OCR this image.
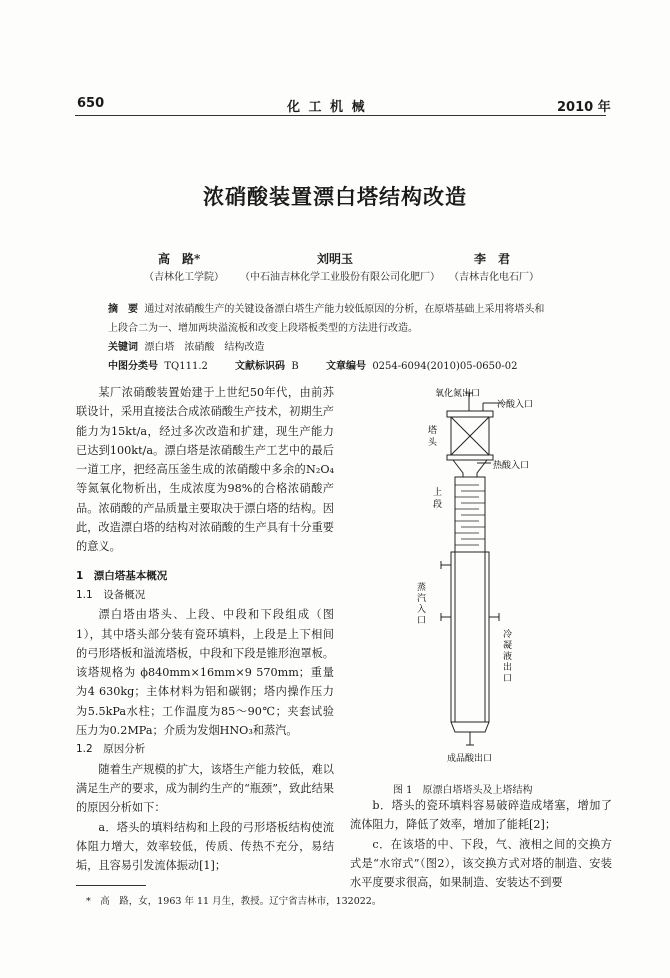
650	化 工 机 械	2010 年
浓硝酸装置漂白塔结构改造
高　路*	刘明玉	李　君
（吉林化工学院） （中石油吉林化学工业股份有限公司化肥厂） （吉林吉化电石厂）
摘　要 通过对浓硝酸生产的关键设备漂白塔生产能力较低原因的分析，在原塔基础上采用将塔头和
上段合二为一、增加两块溢流板和改变上段塔板类型的方法进行改造。
关键词 漂白塔　浓硝酸　结构改造
中图分类号 TQ111.2	文献标识码 B	文章编号 0254-6094(2010)05-0650-02
某厂浓硝酸装置始建于上世纪50年代，由前苏联设计，采用直接法合成浓硝酸生产技术，初期生产能力为15kt/a，经过多次改造和扩建，现生产能力已达到100kt/a。漂白塔是浓硝酸生产工艺中的最后一道工序，把经高压釜生成的浓硝酸中多余的N₂O₄等氮氧化物析出，生成浓度为98%的合格浓硝酸产品。浓硝酸的产品质量主要取决于漂白塔的结构。因此，改造漂白塔的结构对浓硝酸的生产具有十分重要的意义。
1　漂白塔基本概况
1.1　设备概况
漂白塔由塔头、上段、中段和下段组成（图1），其中塔头部分装有瓷环填料，上段是上下相间的弓形塔板和溢流塔板，中段和下段是锥形泡罩板。该塔规格为 ϕ840mm×16mm×9 570mm；重量为4 630kg；主体材料为铝和碳钢；塔内操作压力为5.5kPa水柱；工作温度为85～90℃；夹套试验压力为0.2MPa；介质为发烟HNO₃和蒸汽。
1.2　原因分析
随着生产规模的扩大，该塔生产能力较低，难以满足生产的要求，成为制约生产的“瓶颈”，致此结果的原因分析如下：
a．塔头的填料结构和上段的弓形塔板结构使流体阻力增大，效率较低，传质、传热不充分，易结垢，且容易引发流体振动[1]；
氧化氮出口
冷酸入口
塔头
热酸入口
上段
蒸汽入口
冷凝液出口
成品酸出口
图 1　原漂白塔塔头及上塔结构
b．塔头的瓷环填料容易破碎造成堵塞，增加了流体阻力，降低了效率，增加了能耗[2]；
c．在该塔的中、下段，气、液相之间的交换方式是“水帘式”（图2），该交换方式对塔的制造、安装水平度要求很高，如果制造、安装达不到要
*　高　路，女，1963 年 11 月生，教授。辽宁省吉林市，132022。
